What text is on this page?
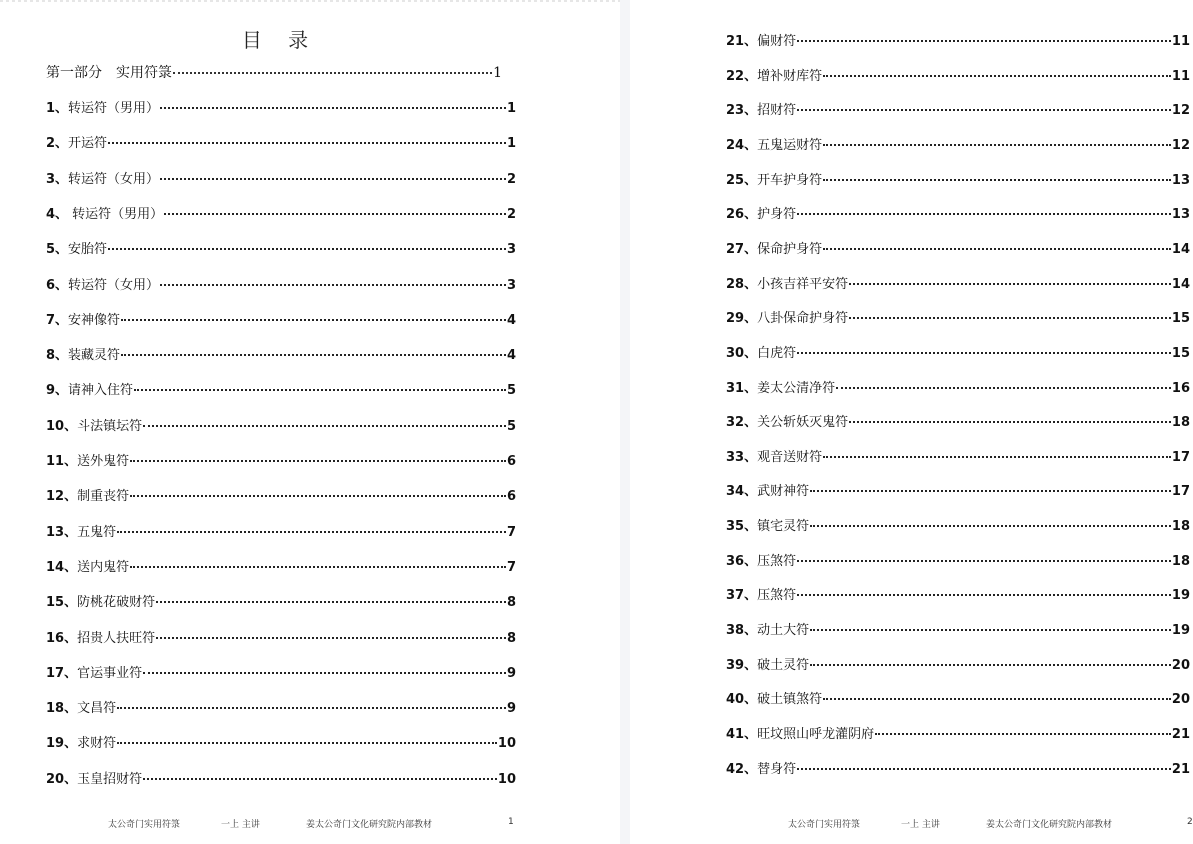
目 录
第一部分　实用符箓	1
1、转运符（男用）	1
2、开运符	1
3、转运符（女用）	2
4、 转运符（男用）	2
5、安胎符	3
6、转运符（女用）	3
7、安神像符	4
8、装藏灵符	4
9、请神入住符	5
10、斗法镇坛符	5
11、送外鬼符	6
12、制重丧符	6
13、五鬼符	7
14、送内鬼符	7
15、防桃花破财符	8
16、招贵人扶旺符	8
17、官运事业符	9
18、文昌符	9
19、求财符	10
20、玉皇招财符	10
太公奇门实用符箓	一上 主讲	姜太公奇门文化研究院内部教材	1
21、偏财符	11
22、增补财库符	11
23、招财符	12
24、五鬼运财符	12
25、开车护身符	13
26、护身符	13
27、保命护身符	14
28、小孩吉祥平安符	14
29、八卦保命护身符	15
30、白虎符	15
31、姜太公清净符	16
32、关公斩妖灭鬼符	18
33、观音送财符	17
34、武财神符	17
35、镇宅灵符	18
36、压煞符	18
37、压煞符	19
38、动土大符	19
39、破土灵符	20
40、破土镇煞符	20
41、旺坟照山呼龙灌阴府	21
42、替身符	21
太公奇门实用符箓	一上 主讲	姜太公奇门文化研究院内部教材	2
